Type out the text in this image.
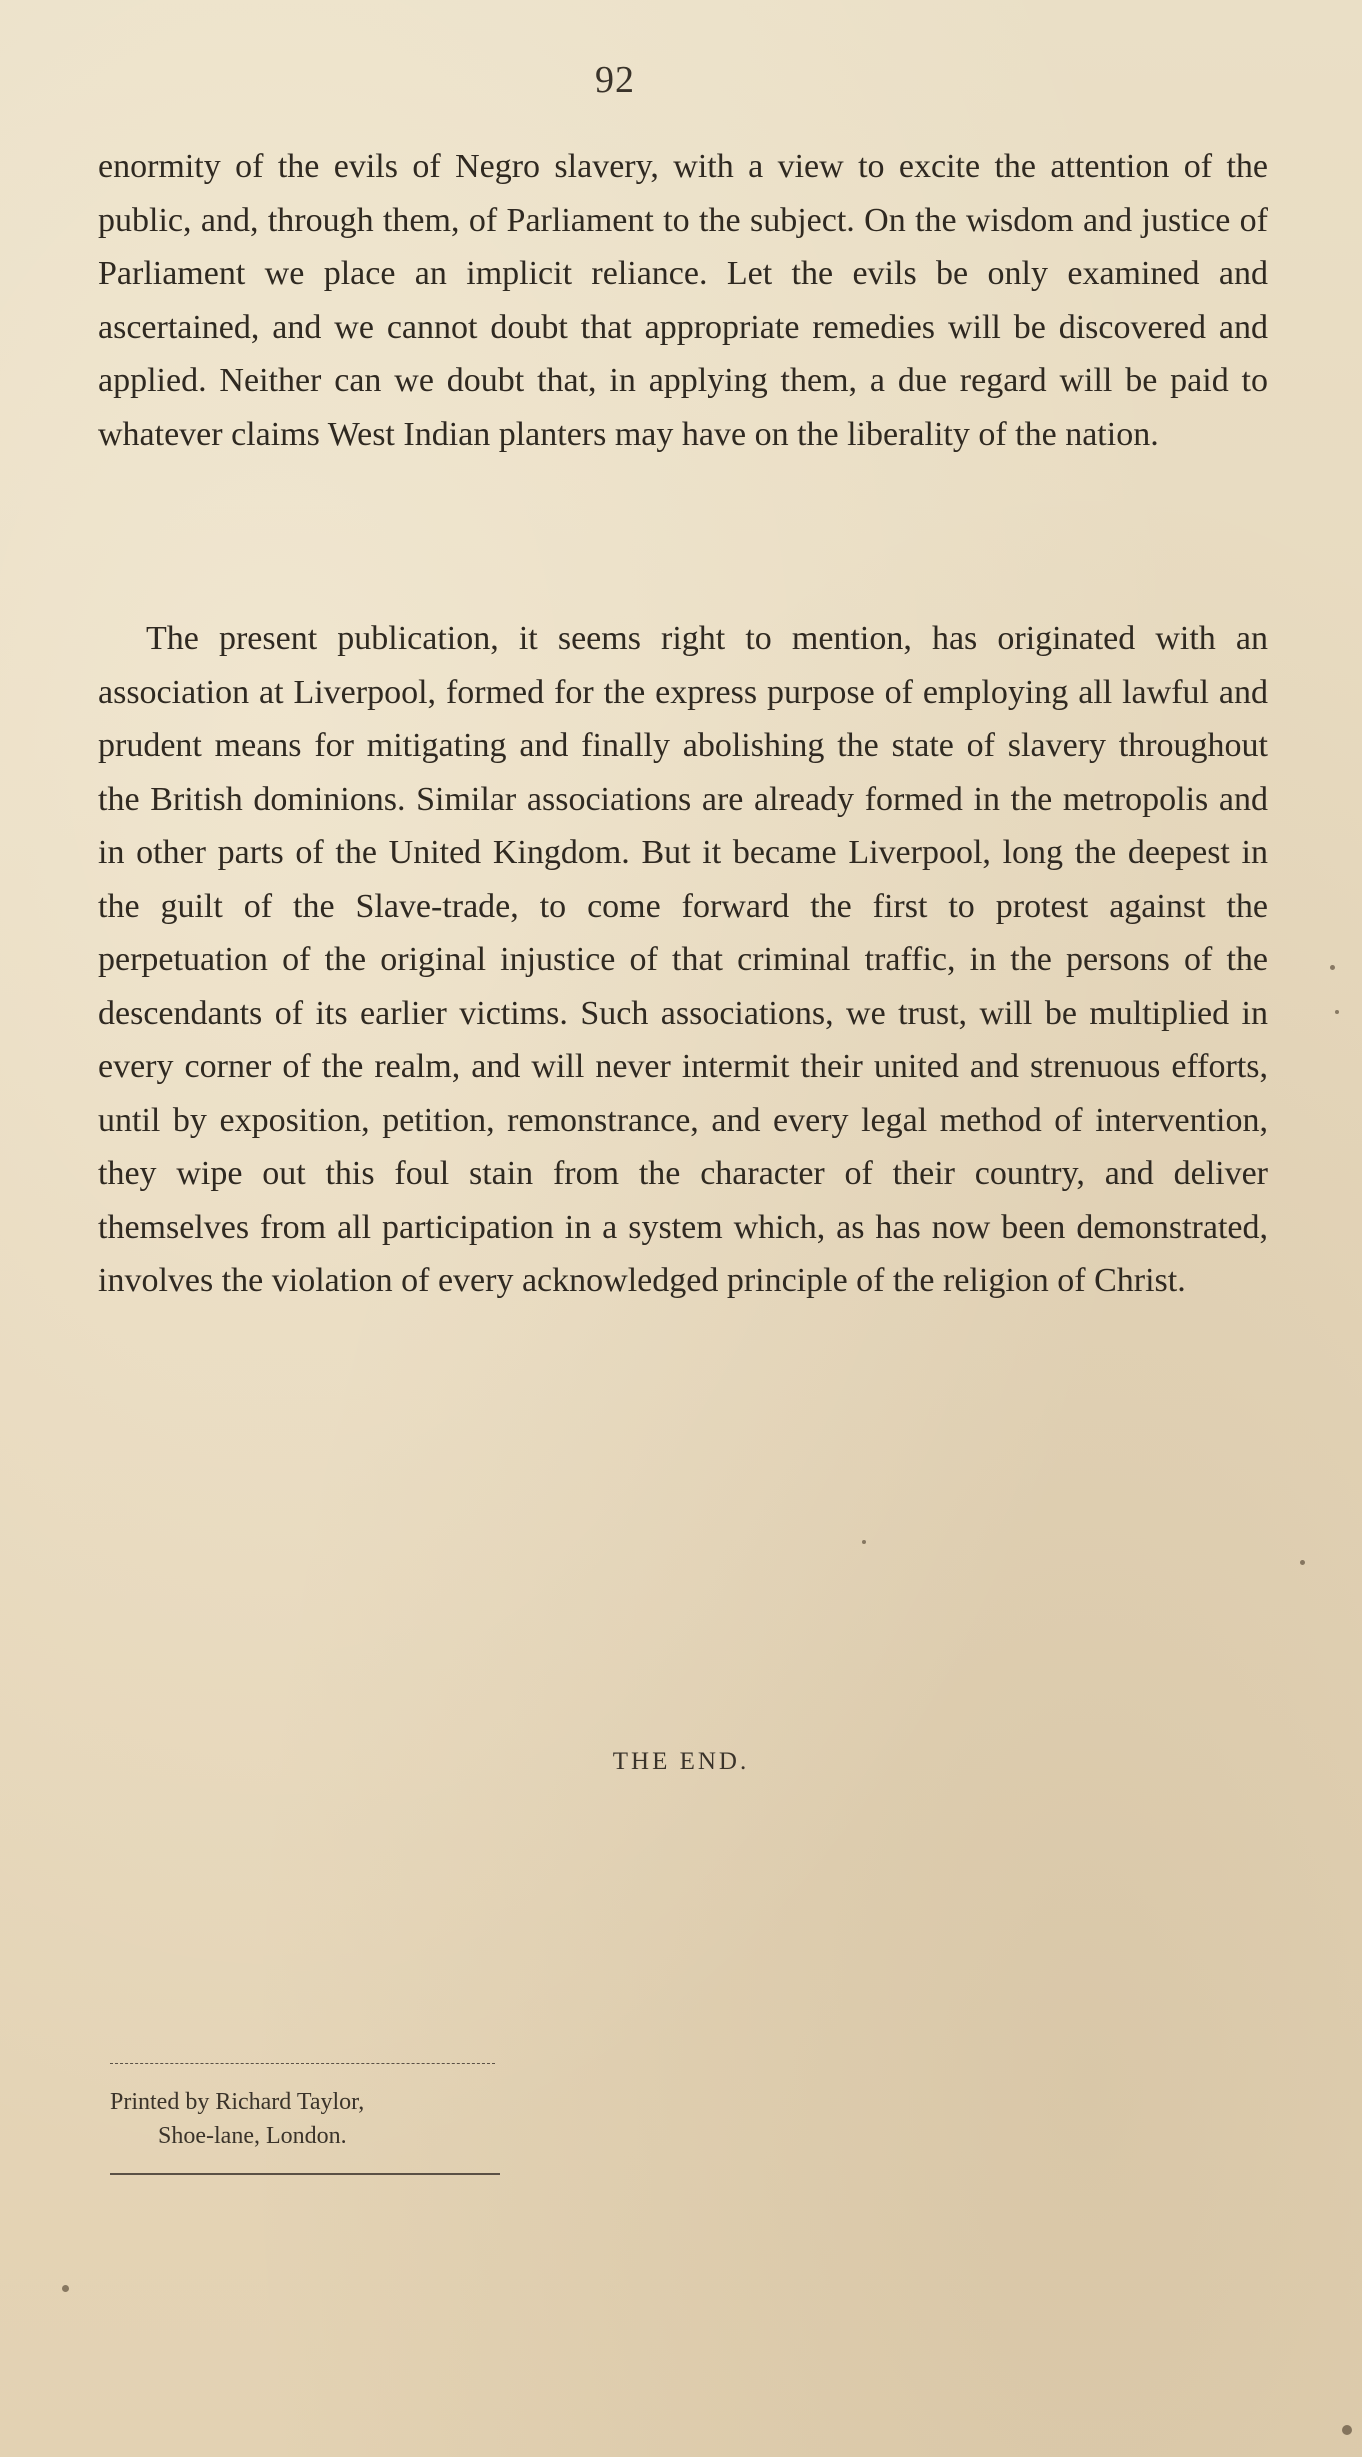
92

enormity of the evils of Negro slavery, with a view to excite the attention of the public, and, through them, of Parliament to the subject. On the wisdom and justice of Parliament we place an implicit reliance. Let the evils be only examined and ascertained, and we cannot doubt that appropriate remedies will be discovered and applied. Neither can we doubt that, in applying them, a due regard will be paid to whatever claims West Indian planters may have on the liberality of the nation.

The present publication, it seems right to mention, has originated with an association at Liverpool, formed for the express purpose of employing all lawful and prudent means for mitigating and finally abolishing the state of slavery throughout the British dominions. Similar associations are already formed in the metropolis and in other parts of the United Kingdom. But it became Liverpool, long the deepest in the guilt of the Slave-trade, to come forward the first to protest against the perpetuation of the original injustice of that criminal traffic, in the persons of the descendants of its earlier victims. Such associations, we trust, will be multiplied in every corner of the realm, and will never intermit their united and strenuous efforts, until by exposition, petition, remonstrance, and every legal method of intervention, they wipe out this foul stain from the character of their country, and deliver themselves from all participation in a system which, as has now been demonstrated, involves the violation of every acknowledged principle of the religion of Christ.

THE END.
Printed by Richard Taylor,
Shoe-lane, London.
